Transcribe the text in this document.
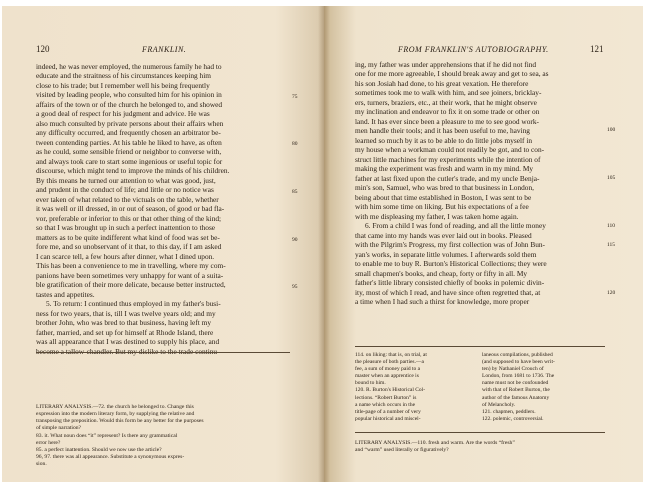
120	FRANKLIN.
indeed, he was never employed, the numerous family he had to
educate and the straitness of his circumstances keeping him
close to his trade; but I remember well his being frequently
visited by leading people, who consulted him for his opinion in
affairs of the town or of the church he belonged to, and showed
a good deal of respect for his judgment and advice. He was
also much consulted by private persons about their affairs when
any difficulty occurred, and frequently chosen an arbitrator be-
tween contending parties. At his table he liked to have, as often
as he could, some sensible friend or neighbor to converse with,
and always took care to start some ingenious or useful topic for
discourse, which might tend to improve the minds of his children.
By this means he turned our attention to what was good, just,
and prudent in the conduct of life; and little or no notice was
ever taken of what related to the victuals on the table, whether
it was well or ill dressed, in or out of season, of good or bad fla-
vor, preferable or inferior to this or that other thing of the kind;
so that I was brought up in such a perfect inattention to those
matters as to be quite indifferent what kind of food was set be-
fore me, and so unobservant of it that, to this day, if I am asked
I can scarce tell, a few hours after dinner, what I dined upon.
This has been a convenience to me in travelling, where my com-
panions have been sometimes very unhappy for want of a suita-
ble gratification of their more delicate, because better instructed,
tastes and appetites.
5. To return: I continued thus employed in my father's busi-
ness for two years, that is, till I was twelve years old; and my
brother John, who was bred to that business, having left my
father, married, and set up for himself at Rhode Island, there
was all appearance that I was destined to supply his place, and
become a tallow-chandler. But my dislike to the trade continu-
75
80
85
90
95
LITERARY ANALYSIS.—72. the church he belonged to. Change this
expression into the modern literary form, by supplying the relative and
transposing the preposition. Would this form be any better for the purposes
of simple narration?
83. it. What noun does “it” represent? Is there any grammatical
error here?
85. a perfect inattention. Should we now use the article?
96, 97. there was all appearance. Substitute a synonymous expres-
sion.
FROM FRANKLIN'S AUTOBIOGRAPHY.	121
ing, my father was under apprehensions that if he did not find
one for me more agreeable, I should break away and get to sea, as
his son Josiah had done, to his great vexation. He therefore
sometimes took me to walk with him, and see joiners, bricklay-
ers, turners, braziers, etc., at their work, that he might observe
my inclination and endeavor to fix it on some trade or other on
land. It has ever since been a pleasure to me to see good work-
men handle their tools; and it has been useful to me, having
learned so much by it as to be able to do little jobs myself in
my house when a workman could not readily be got, and to con-
struct little machines for my experiments while the intention of
making the experiment was fresh and warm in my mind. My
father at last fixed upon the cutler's trade, and my uncle Benja-
min's son, Samuel, who was bred to that business in London,
being about that time established in Boston, I was sent to be
with him some time on liking. But his expectations of a fee
with me displeasing my father, I was taken home again.
6. From a child I was fond of reading, and all the little money
that came into my hands was ever laid out in books. Pleased
with the Pilgrim's Progress, my first collection was of John Bun-
yan's works, in separate little volumes. I afterwards sold them
to enable me to buy R. Burton's Historical Collections; they were
small chapmen's books, and cheap, forty or fifty in all. My
father's little library consisted chiefly of books in polemic divin-
ity, most of which I read, and have since often regretted that, at
a time when I had such a thirst for knowledge, more proper
100
105
110
115
120
114. on liking: that is, on trial, at
the pleasure of both parties.—a
fee, a sum of money paid to a
master when an apprentice is
bound to him.
120. R. Burton's Historical Col-
lections. “Robert Burton” is
a name which occurs in the
title-page of a number of very
popular historical and miscel-
laneous compilations, published
(and supposed to have been writ-
ten) by Nathaniel Crouch of
London, from 1681 to 1736. The
name must not be confounded
with that of Robert Burton, the
author of the famous Anatomy
of Melancholy.
121. chapmen, peddlers.
122. polemic, controversial.
LITERARY ANALYSIS.—110. fresh and warm. Are the words “fresh”
and “warm” used literally or figuratively?
